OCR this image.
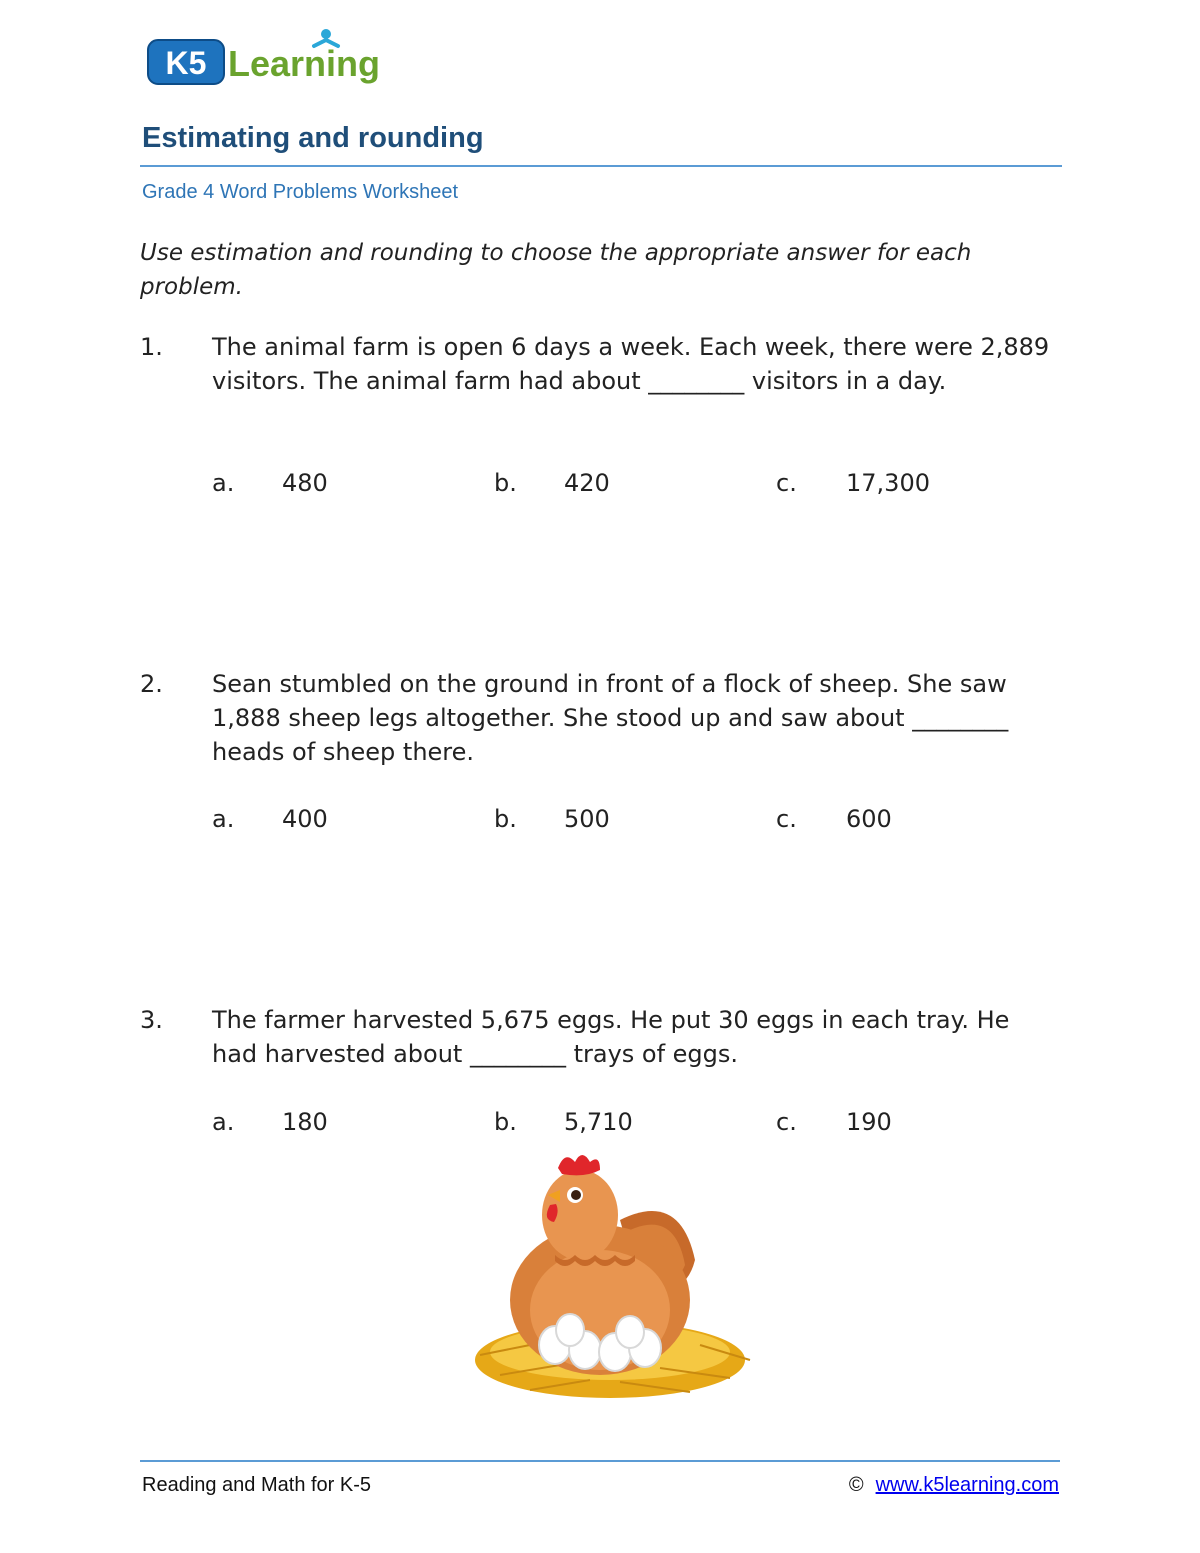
K5 Learning
Estimating and rounding
Grade 4 Word Problems Worksheet

Use estimation and rounding to choose the appropriate answer for each problem.

1. The animal farm is open 6 days a week. Each week, there were 2,889 visitors. The animal farm had about ________ visitors in a day.

a. 480	b. 420	c. 17,300
2. Sean stumbled on the ground in front of a flock of sheep. She saw 1,888 sheep legs altogether. She stood up and saw about ________ heads of sheep there.

a. 400	b. 500	c. 600
3. The farmer harvested 5,675 eggs. He put 30 eggs in each tray. He had harvested about ________ trays of eggs.

a. 180	b. 5,710	c. 190
Reading and Math for K-5	© www.k5learning.com
